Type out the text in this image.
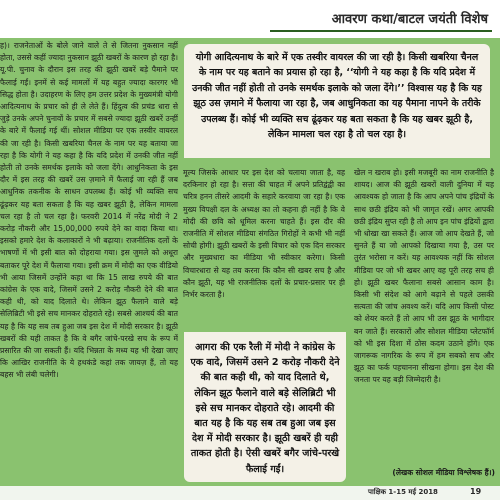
आवरण कथा/बाटल जयंती विशेष

ह)। राजनेताओं के बोले जाने वाले ते से जितना नुकसान नहीं होता, उससे कहीं ज्यादा नुकसान झूठी खबरों के कारण हो रहा है। यू.पी. चुनाव के दौरान इस तरह की झूठी खबरें बड़े पैमाने पर फैलाई गईं। इनमें से कई मामलों में यह बहुत ज्यादा कारगर भी सिद्ध होता है। उदाहरण के लिए हम उत्तर प्रदेश के मुख्यमंत्री योगी आदित्यनाथ के प्रचार को ही ले लेते हैं। हिंदुत्व की प्रचंड धारा से जुड़े उनके अपने चुनावों के प्रचार में सबसे ज्यादा झूठी खबरें उन्हीं के बारे में फैलाई गई थीं। सोशल मीडिया पर एक तस्वीर वायरल की जा रही है। किसी खबरिया चैनल के नाम पर यह बताया जा रहा है कि योगी ने यह कहा है कि यदि प्रदेश में उनकी जीत नहीं होती तो उनके समर्थक इलाके को जला देंगे। आधुनिकता के इस दौर में इस तरह की खबरें उस ज़माने में फैलाई जा रही हैं जब आधुनिक तकनीक के साधन उपलब्ध हैं। कोई भी व्यक्ति सच ढूंढ़कर यह बता सकता है कि यह खबर झूठी है, लेकिन मामला चल रहा है तो चल रहा है। फरवरी 2014 में नरेंद्र मोदी ने 2 करोड़ नौकरी और 15,00,000 रुपये देने का वादा किया था। इसको हमारे देश के कलाकारों ने भी बढ़ाया। राजनीतिक दलों के भाषणों में भी इसी बात को दोहराया गया। इस जुमले को अधूरा बताकर पूरे देश में फैलाया गया। इसी क्रम में मोदी का एक वीडियो भी आया जिसमें उन्होंने कहा था कि 15 लाख रुपये की बात कांग्रेस के एक वादे, जिसमें उसने 2 करोड़ नौकरी देने की बात कही थी, को याद दिलाते थे। लेकिन झूठ फैलाने वाले बड़े सेलिब्रिटी भी इसे सच मानकर दोहराते रहे। सबसे आश्चर्य की बात यह है कि यह सब तब हुआ जब इस देश में मोदी सरकार है। झूठी खबरों की यही ताकत है कि वे बगैर जांचे-परखे सच के रूप में प्रसारित की जा सकती हैं। यदि भिन्नता के मध्य यह भी देखा जाए कि आखिर राजनीति के ये हथकंडे कहां तक जायज़ हैं, तो यह बहस भी लंबी चलेगी।

योगी आदित्यनाथ के बारे में एक तस्वीर वायरल की जा रही है। किसी खबरिया चैनल के नाम पर यह बताने का प्रयास हो रहा है, ‘‘योगी ने यह कहा है कि यदि प्रदेश में उनकी जीत नहीं होती तो उनके समर्थक इलाके को जला देंगे।’’ विश्वास यह है कि यह झूठ उस ज़माने में फैलाया जा रहा है, जब आधुनिकता का यह पैमाना नापने के तरीके उपलब्ध हैं। कोई भी व्यक्ति सच ढूंढ़कर यह बता सकता है कि यह खबर झूठी है, लेकिन मामला चल रहा है तो चल रहा है।

मूल्य जिसके आधार पर इस देश को चलाया जाता है, वह दरकिनार हो रहा है। सत्ता की चाहत में अपने प्रतिद्वंद्वी का चरित्र हनन तीसरे आदमी के सहारे करवाया जा रहा है। एक मुख्य विपक्षी दल के अध्यक्ष का तो कहना ही नहीं है कि वे मोदी की छवि को धूमिल करना चाहते हैं। इस दौर की राजनीति में सोशल मीडिया संगठित गिरोहों ने कभी भी नहीं सोची होगी। झूठी खबरों के इसी विचार को एक दिन सरकार और मुख्यधारा का मीडिया भी स्वीकार करेगा। किसी विचारधारा से यह तय करना कि कौन सी खबर सच है और कौन झूठी, यह भी राजनीतिक दलों के प्रचार-प्रसार पर ही निर्भर करता है।

आगरा की एक रैली में मोदी ने कांग्रेस के एक वादे, जिसमें उसने 2 करोड़ नौकरी देने की बात कही थी, को याद दिलाते थे, लेकिन झूठ फैलाने वाले बड़े सेलिब्रिटी भी इसे सच मानकर दोहराते रहे। आदमी की बात यह है कि यह सब तब हुआ जब इस देश में मोदी सरकार है। झूठी खबरें ही यही ताकत होती है। ऐसी खबरें बगैर जांचे-परखे फैलाई गईं।

खेल न खराब हो। इसी मजबूरी का नाम राजनीति है शायद। आज की झूठी खबरों वाली दुनिया में यह आवश्यक हो जाता है कि आप अपने पांच इंद्रियों के साथ छठी इंद्रिय को भी जागृत रखें। अगर आपकी छठी इंद्रिय सुप्त रही है तो आप इन पांच इंद्रियों द्वारा भी धोखा खा सकते हैं। आज जो आप देखते हैं, जो सुनते हैं या जो आपको दिखाया गया है, उस पर तुरंत भरोसा न करें। यह आवश्यक नहीं कि सोशल मीडिया पर जो भी खबर आए वह पूरी तरह सच ही हो। झूठी खबर फैलाना सबसे आसान काम है। किसी भी संदेश को आगे बढ़ाने से पहले उसकी सत्यता की जांच अवश्य करें। यदि आप किसी पोस्ट को शेयर करते हैं तो आप भी उस झूठ के भागीदार बन जाते हैं। सरकारों और सोशल मीडिया प्लेटफॉर्म को भी इस दिशा में ठोस कदम उठाने होंगे। एक जागरूक नागरिक के रूप में हम सबको सच और झूठ का फर्क पहचानना सीखना होगा। इस देश की जनता पर यह बड़ी जिम्मेदारी है।

(लेखक सोशल मीडिया विश्लेषक हैं।)
पाक्षिक 1-15 मई 2018	19
